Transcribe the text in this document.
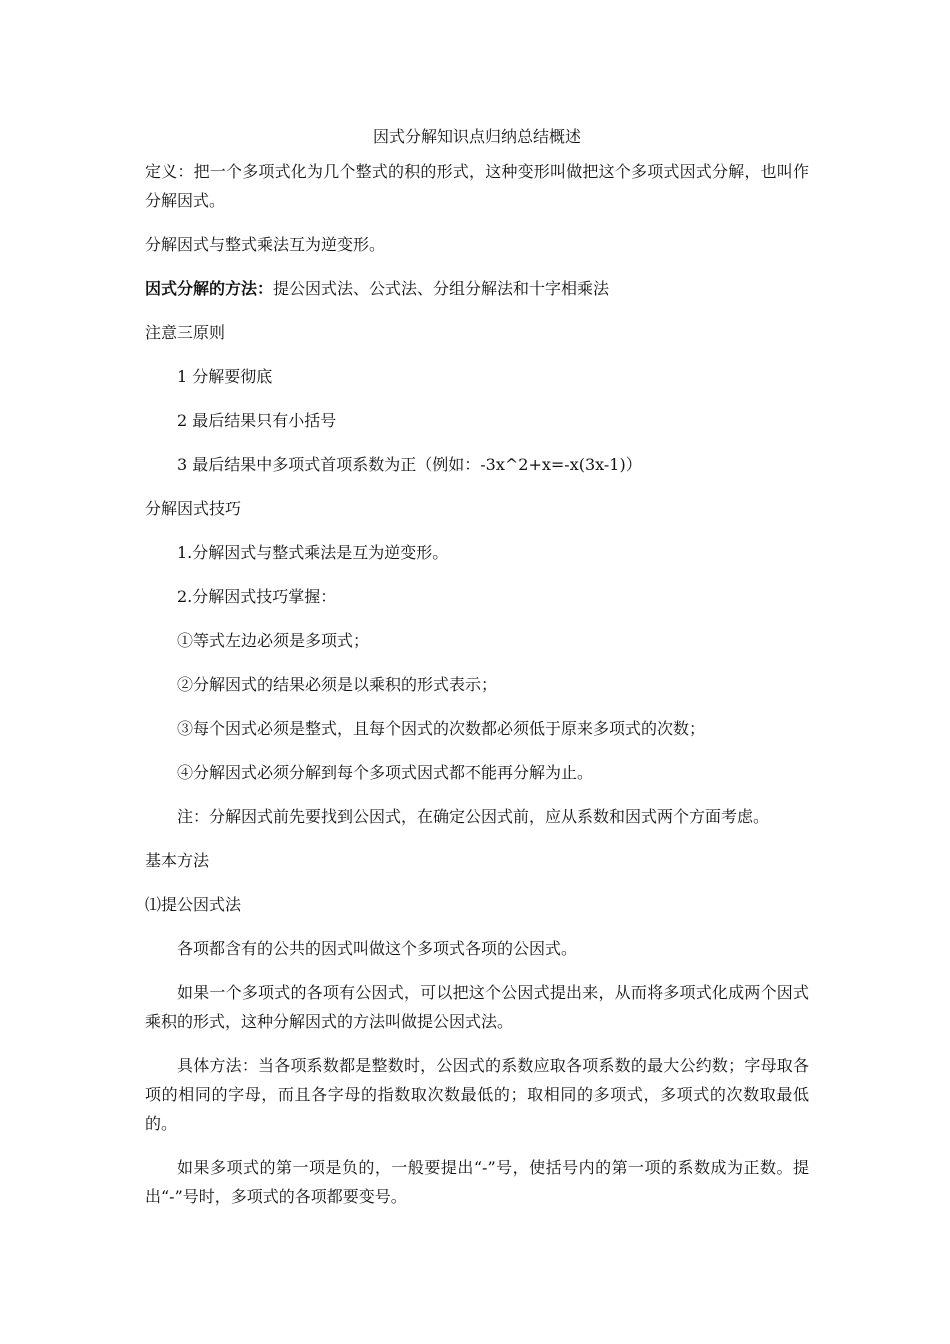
因式分解知识点归纳总结概述
定义：把一个多项式化为几个整式的积的形式，这种变形叫做把这个多项式因式分解，也叫作分解因式。
分解因式与整式乘法互为逆变形。
因式分解的方法：提公因式法、公式法、分组分解法和十字相乘法
注意三原则
1 分解要彻底
2 最后结果只有小括号
3 最后结果中多项式首项系数为正（例如：-3x^2+x=-x(3x-1)）
分解因式技巧
1.分解因式与整式乘法是互为逆变形。
2.分解因式技巧掌握：
①等式左边必须是多项式；
②分解因式的结果必须是以乘积的形式表示；
③每个因式必须是整式，且每个因式的次数都必须低于原来多项式的次数；
④分解因式必须分解到每个多项式因式都不能再分解为止。
注：分解因式前先要找到公因式，在确定公因式前，应从系数和因式两个方面考虑。
基本方法
⑴提公因式法
各项都含有的公共的因式叫做这个多项式各项的公因式。
如果一个多项式的各项有公因式，可以把这个公因式提出来，从而将多项式化成两个因式乘积的形式，这种分解因式的方法叫做提公因式法。
具体方法：当各项系数都是整数时，公因式的系数应取各项系数的最大公约数；字母取各项的相同的字母，而且各字母的指数取次数最低的；取相同的多项式，多项式的次数取最低的。
如果多项式的第一项是负的，一般要提出“-”号，使括号内的第一项的系数成为正数。提出“-”号时，多项式的各项都要变号。
